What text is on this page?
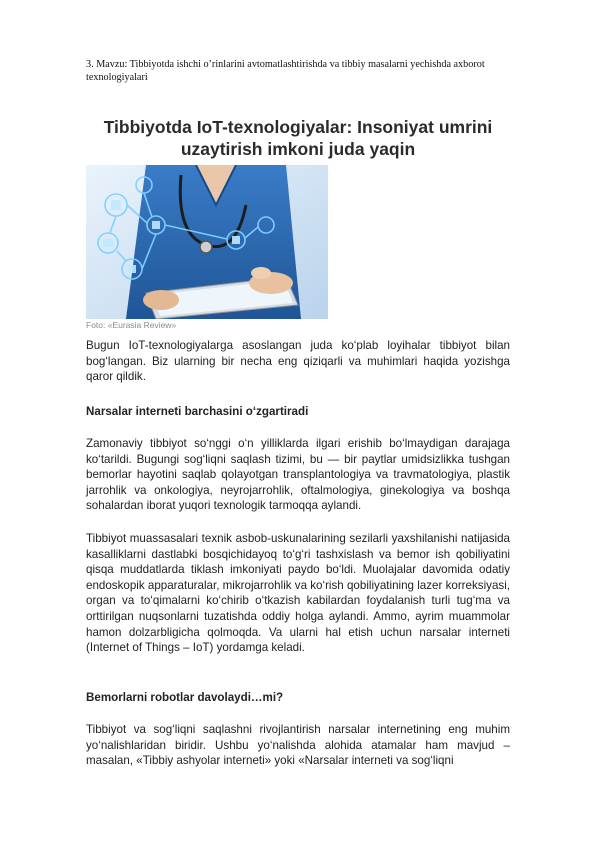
3. Mavzu: Tibbiyotda ishchi o’rinlarini avtomatlashtirishda va tibbiy masalarni yechishda axborot texnologiyalari
Tibbiyotda IoT-texnologiyalar: Insoniyat umrini uzaytirish imkoni juda yaqin
Foto: «Eurasia Review»

Bugun IoT-texnologiyalarga asoslangan juda ko‘plab loyihalar tibbiyot bilan bog‘langan. Biz ularning bir necha eng qiziqarli va muhimlari haqida yozishga qaror qildik.

Narsalar interneti barchasini o‘zgartiradi

Zamonaviy tibbiyot so‘nggi o‘n yilliklarda ilgari erishib bo‘lmaydigan darajaga ko‘tarildi. Bugungi sog‘liqni saqlash tizimi, bu — bir paytlar umidsizlikka tushgan bemorlar hayotini saqlab qolayotgan transplantologiya va travmatologiya, plastik jarrohlik va onkologiya, neyrojarrohlik, oftalmologiya, ginekologiya va boshqa sohalardan iborat yuqori texnologik tarmoqqa aylandi.

Tibbiyot muassasalari texnik asbob-uskunalarining sezilarli yaxshilanishi natijasida kasalliklarni dastlabki bosqichidayoq to‘g‘ri tashxislash va bemor ish qobiliyatini qisqa muddatlarda tiklash imkoniyati paydo bo‘ldi. Muolajalar davomida odatiy endoskopik apparaturalar, mikrojarrohlik va ko‘rish qobiliyatining lazer korreksiyasi, organ va to‘qimalarni ko‘chirib o‘tkazish kabilardan foydalanish turli tug‘ma va orttirilgan nuqsonlarni tuzatishda oddiy holga aylandi. Ammo, ayrim muammolar hamon dolzarbligicha qolmoqda. Va ularni hal etish uchun narsalar interneti (Internet of Things – IoT) yordamga keladi.

Bemorlarni robotlar davolaydi…mi?

Tibbiyot va sog‘liqni saqlashni rivojlantirish narsalar internetining eng muhim yo‘nalishlaridan biridir. Ushbu yo‘nalishda alohida atamalar ham mavjud – masalan, «Tibbiy ashyolar interneti» yoki «Narsalar interneti va sog‘liqni
